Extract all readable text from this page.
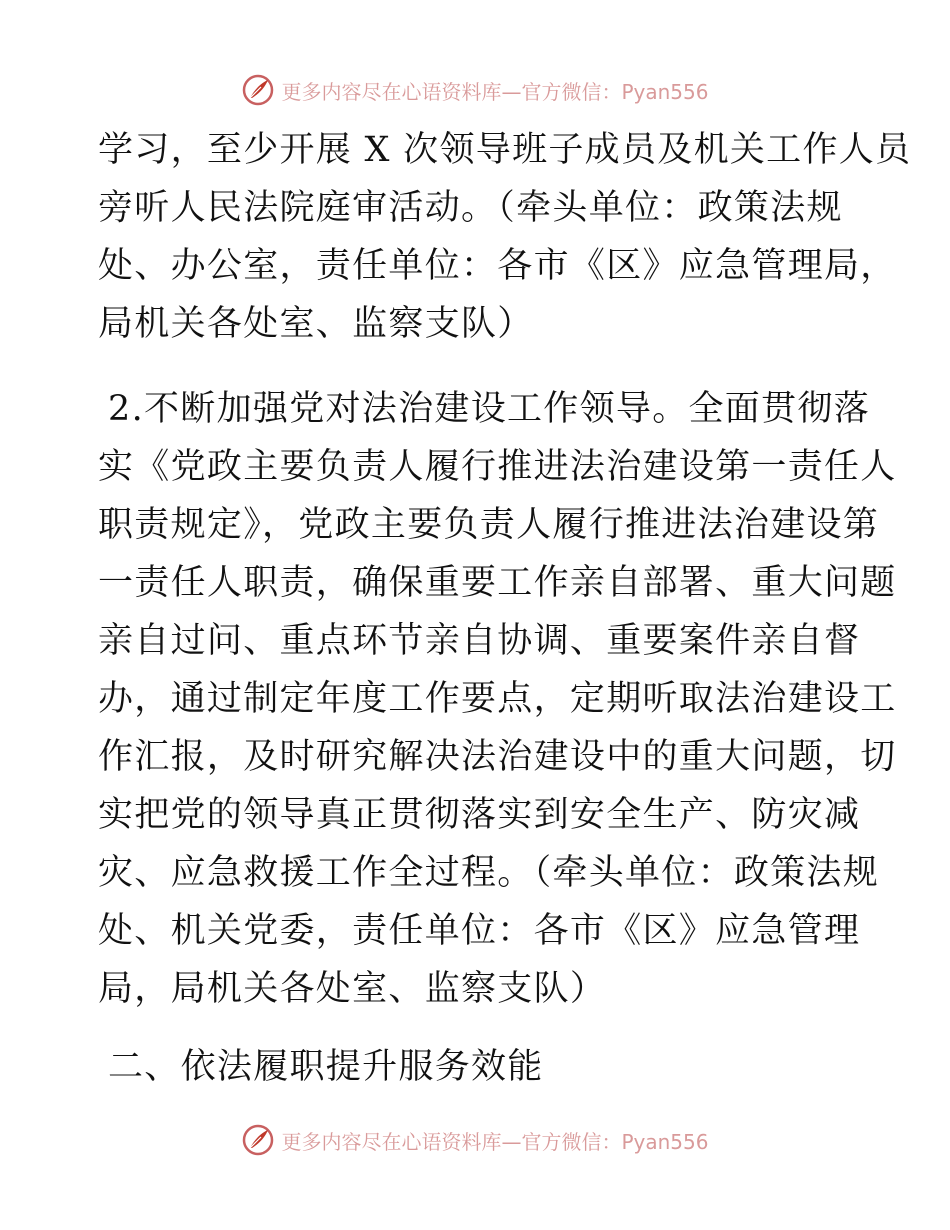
更多内容尽在心语资料库—官方微信：Pyan556
学习，至少开展 X 次领导班子成员及机关工作人员
旁听人民法院庭审活动。（牵头单位：政策法规
处、办公室，责任单位：各市《区》应急管理局，
局机关各处室、监察支队）
2.不断加强党对法治建设工作领导。全面贯彻落
实《党政主要负责人履行推进法治建设第一责任人
职责规定》，党政主要负责人履行推进法治建设第
一责任人职责，确保重要工作亲自部署、重大问题
亲自过问、重点环节亲自协调、重要案件亲自督
办，通过制定年度工作要点，定期听取法治建设工
作汇报，及时研究解决法治建设中的重大问题，切
实把党的领导真正贯彻落实到安全生产、防灾减
灾、应急救援工作全过程。（牵头单位：政策法规
处、机关党委，责任单位：各市《区》应急管理
局，局机关各处室、监察支队）
二、依法履职提升服务效能
更多内容尽在心语资料库—官方微信：Pyan556
